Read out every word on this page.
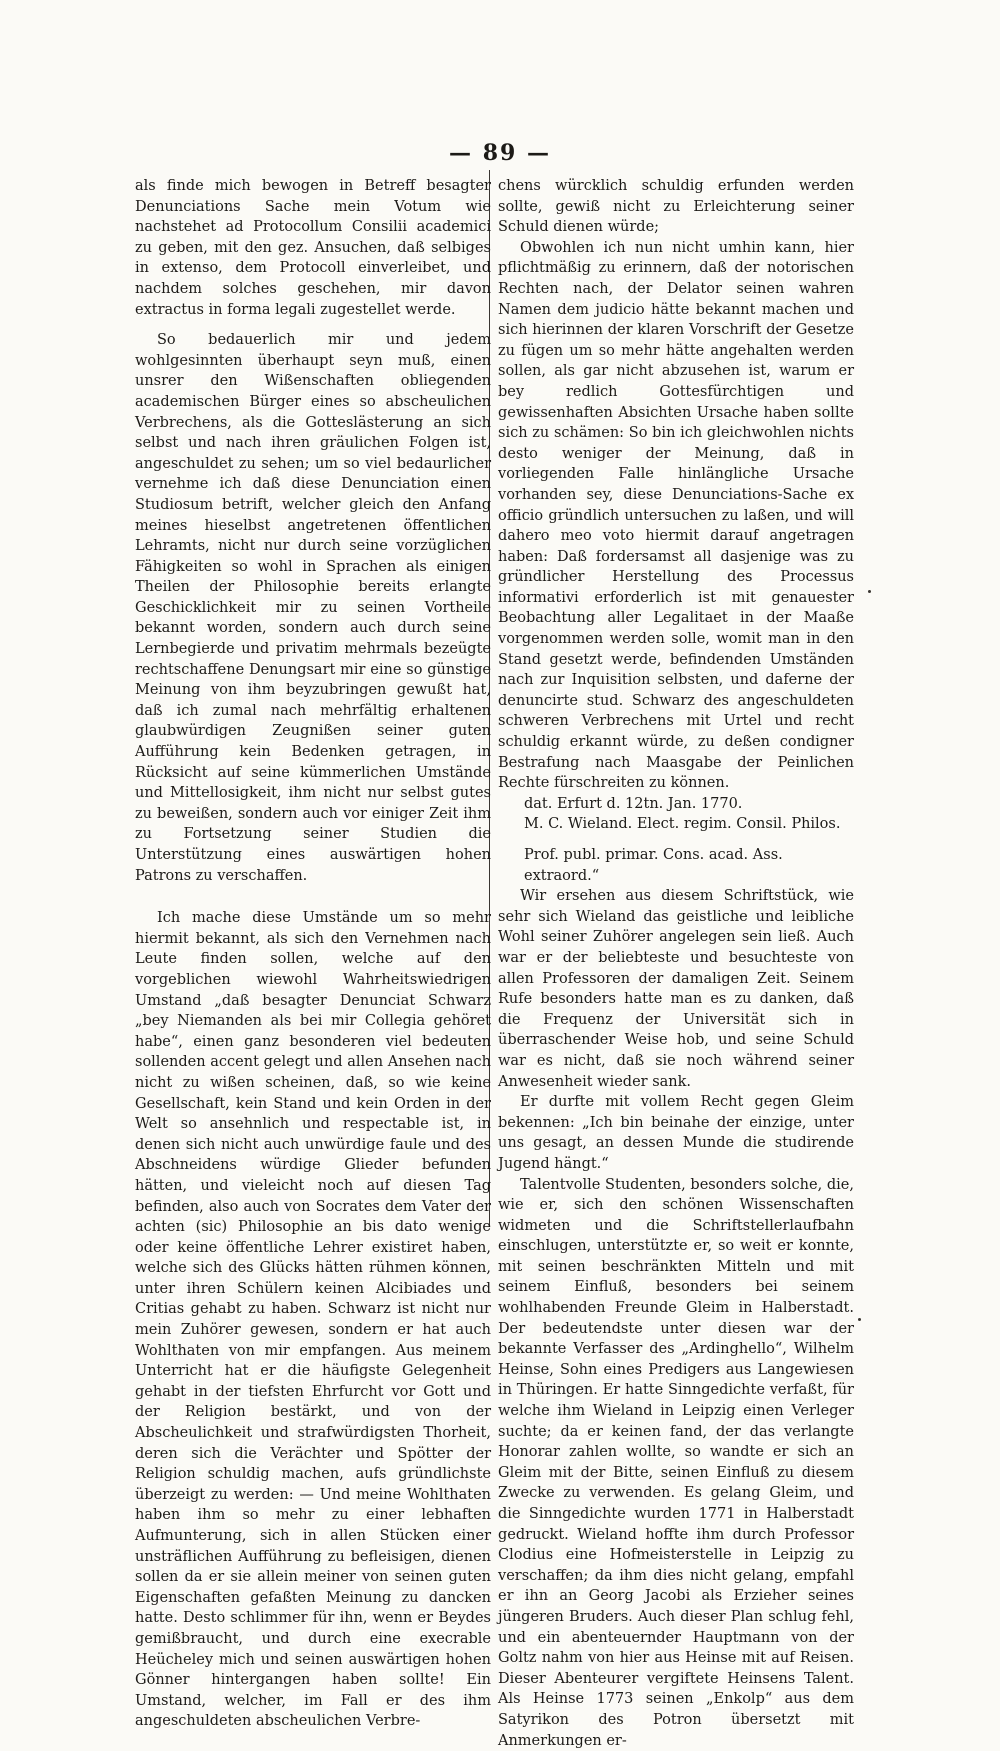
— 89 —

als finde mich bewogen in Betreff besagter Denunciations Sache mein Votum wie nachstehet ad Protocollum Consilii academici zu geben, mit den gez. Ansuchen, daß selbiges in extenso, dem Protocoll einverleibet, und nachdem solches geschehen, mir davon extractus in forma legali zugestellet werde.

So bedauerlich mir und jedem wohlgesinnten überhaupt seyn muß, einen unsrer den Wißenschaften obliegenden academischen Bürger eines so abscheulichen Verbrechens, als die Gotteslästerung an sich selbst und nach ihren gräulichen Folgen ist, angeschuldet zu sehen; um so viel bedaurlicher vernehme ich daß diese Denunciation einen Studiosum betrift, welcher gleich den Anfang meines hieselbst angetretenen öffentlichen Lehramts, nicht nur durch seine vorzüglichen Fähigkeiten so wohl in Sprachen als einigen Theilen der Philosophie bereits erlangte Geschicklichkeit mir zu seinen Vortheile bekannt worden, sondern auch durch seine Lernbegierde und privatim mehrmals bezeügte rechtschaffene Denungsart mir eine so günstige Meinung von ihm beyzubringen gewußt hat, daß ich zumal nach mehrfältig erhaltenen glaubwürdigen Zeugnißen seiner guten Aufführung kein Bedenken getragen, in Rücksicht auf seine kümmerlichen Umstände und Mittellosigkeit, ihm nicht nur selbst gutes zu beweißen, sondern auch vor einiger Zeit ihm zu Fortsetzung seiner Studien die Unterstützung eines auswärtigen hohen Patrons zu verschaffen.

Ich mache diese Umstände um so mehr hiermit bekannt, als sich den Vernehmen nach Leute finden sollen, welche auf den vorgeblichen wiewohl Wahrheitswiedrigen Umstand „daß besagter Denunciat Schwarz „bey Niemanden als bei mir Collegia gehöret habe“, einen ganz besonderen viel bedeuten sollenden accent gelegt und allen Ansehen nach nicht zu wißen scheinen, daß, so wie keine Gesellschaft, kein Stand und kein Orden in der Welt so ansehnlich und respectable ist, in denen sich nicht auch unwürdige faule und des Abschneidens würdige Glieder befunden hätten, und vieleicht noch auf diesen Tag befinden, also auch von Socrates dem Vater der achten (sic) Philosophie an bis dato wenige oder keine öffentliche Lehrer existiret haben, welche sich des Glücks hätten rühmen können, unter ihren Schülern keinen Alcibiades und Critias gehabt zu haben. Schwarz ist nicht nur mein Zuhörer gewesen, sondern er hat auch Wohlthaten von mir empfangen. Aus meinem Unterricht hat er die häufigste Gelegenheit gehabt in der tiefsten Ehrfurcht vor Gott und der Religion bestärkt, und von der Abscheulichkeit und strafwürdigsten Thorheit, deren sich die Verächter und Spötter der Religion schuldig machen, aufs gründlichste überzeigt zu werden: — Und meine Wohlthaten haben ihm so mehr zu einer lebhaften Aufmunterung, sich in allen Stücken einer unsträflichen Aufführung zu befleisigen, dienen sollen da er sie allein meiner von seinen guten Eigenschaften gefaßten Meinung zu dancken hatte. Desto schlimmer für ihn, wenn er Beydes gemißbraucht, und durch eine execrable Heücheley mich und seinen auswärtigen hohen Gönner hintergangen haben sollte! Ein Umstand, welcher, im Fall er des ihm angeschuldeten abscheulichen Verbre-

chens würcklich schuldig erfunden werden sollte, gewiß nicht zu Erleichterung seiner Schuld dienen würde;

Obwohlen ich nun nicht umhin kann, hier pflichtmäßig zu erinnern, daß der notorischen Rechten nach, der Delator seinen wahren Namen dem judicio hätte bekannt machen und sich hierinnen der klaren Vorschrift der Gesetze zu fügen um so mehr hätte angehalten werden sollen, als gar nicht abzusehen ist, warum er bey redlich Gottesfürchtigen und gewissenhaften Absichten Ursache haben sollte sich zu schämen: So bin ich gleichwohlen nichts desto weniger der Meinung, daß in vorliegenden Falle hinlängliche Ursache vorhanden sey, diese Denunciations-Sache ex officio gründlich untersuchen zu laßen, und will dahero meo voto hiermit darauf angetragen haben: Daß fordersamst all dasjenige was zu gründlicher Herstellung des Processus informativi erforderlich ist mit genauester Beobachtung aller Legalitaet in der Maaße vorgenommen werden solle, womit man in den Stand gesetzt werde, befindenden Umständen nach zur Inquisition selbsten, und daferne der denuncirte stud. Schwarz des angeschuldeten schweren Verbrechens mit Urtel und recht schuldig erkannt würde, zu deßen condigner Bestrafung nach Maasgabe der Peinlichen Rechte fürschreiten zu können.

dat. Erfurt d. 12tn. Jan. 1770.

M. C. Wieland. Elect. regim. Consil. Philos.

Prof. publ. primar. Cons. acad. Ass. extraord.“

Wir ersehen aus diesem Schriftstück, wie sehr sich Wieland das geistliche und leibliche Wohl seiner Zuhörer angelegen sein ließ. Auch war er der beliebteste und besuchteste von allen Professoren der damaligen Zeit. Seinem Rufe besonders hatte man es zu danken, daß die Frequenz der Universität sich in überraschender Weise hob, und seine Schuld war es nicht, daß sie noch während seiner Anwesenheit wieder sank.

Er durfte mit vollem Recht gegen Gleim bekennen: „Ich bin beinahe der einzige, unter uns gesagt, an dessen Munde die studirende Jugend hängt.“

Talentvolle Studenten, besonders solche, die, wie er, sich den schönen Wissenschaften widmeten und die Schriftstellerlaufbahn einschlugen, unterstützte er, so weit er konnte, mit seinen beschränkten Mitteln und mit seinem Einfluß, besonders bei seinem wohlhabenden Freunde Gleim in Halberstadt. Der bedeutendste unter diesen war der bekannte Verfasser des „Ardinghello“, Wilhelm Heinse, Sohn eines Predigers aus Langewiesen in Thüringen. Er hatte Sinngedichte verfaßt, für welche ihm Wieland in Leipzig einen Verleger suchte; da er keinen fand, der das verlangte Honorar zahlen wollte, so wandte er sich an Gleim mit der Bitte, seinen Einfluß zu diesem Zwecke zu verwenden. Es gelang Gleim, und die Sinngedichte wurden 1771 in Halberstadt gedruckt. Wieland hoffte ihm durch Professor Clodius eine Hofmeisterstelle in Leipzig zu verschaffen; da ihm dies nicht gelang, empfahl er ihn an Georg Jacobi als Erzieher seines jüngeren Bruders. Auch dieser Plan schlug fehl, und ein abenteuernder Hauptmann von der Goltz nahm von hier aus Heinse mit auf Reisen. Dieser Abenteurer vergiftete Heinsens Talent. Als Heinse 1773 seinen „Enkolp“ aus dem Satyrikon des Potron übersetzt mit Anmerkungen er-
